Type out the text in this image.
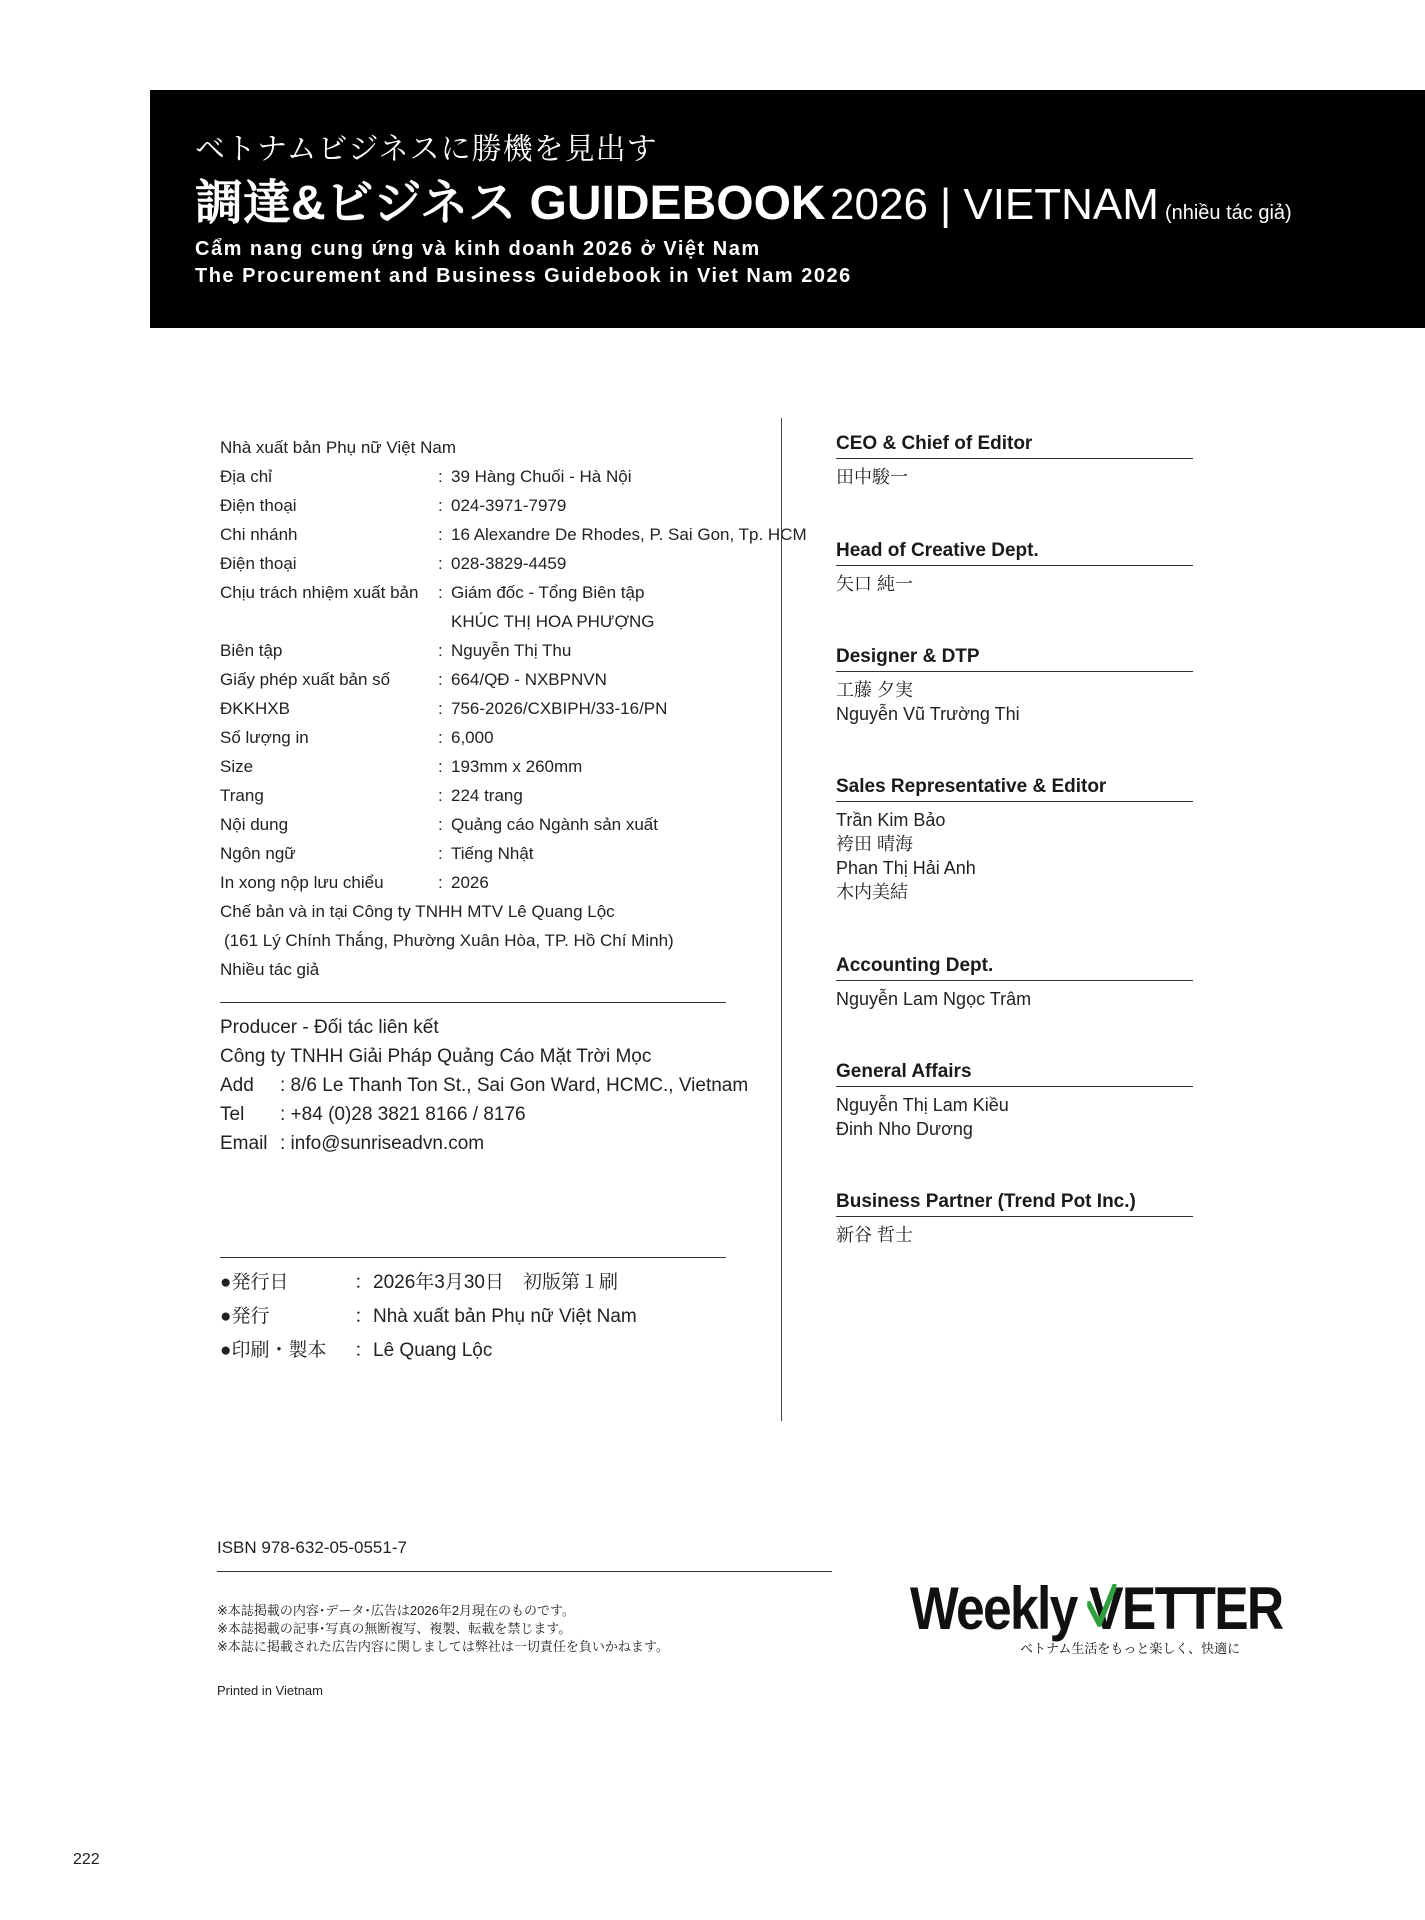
ベトナムビジネスに勝機を見出す
調達&ビジネス GUIDEBOOK 2026 | VIETNAM (nhiều tác giả)
Cẩm nang cung ứng và kinh doanh 2026 ở Việt Nam
The Procurement and Business Guidebook in Viet Nam 2026
Nhà xuất bản Phụ nữ Việt Nam
Địa chỉ	: 39 Hàng Chuối - Hà Nội
Điện thoại	: 024-3971-7979
Chi nhánh	: 16 Alexandre De Rhodes, P. Sai Gon, Tp. HCM
Điện thoại	: 028-3829-4459
Chịu trách nhiệm xuất bản : Giám đốc - Tổng Biên tập
KHÚC THỊ HOA PHƯỢNG
Biên tập	: Nguyễn Thị Thu
Giấy phép xuất bản số	: 664/QĐ - NXBPNVN
ĐKKHXB	: 756-2026/CXBIPH/33-16/PN
Số lượng in	: 6,000
Size	: 193mm x 260mm
Trang	: 224 trang
Nội dung	: Quảng cáo Ngành sản xuất
Ngôn ngữ	: Tiếng Nhật
In xong nộp lưu chiểu	: 2026
Chế bản và in tại Công ty TNHH MTV Lê Quang Lộc
(161 Lý Chính Thắng, Phường Xuân Hòa, TP. Hồ Chí Minh)
Nhiều tác giả
Producer - Đối tác liên kết
Công ty TNHH Giải Pháp Quảng Cáo Mặt Trời Mọc
Add : 8/6 Le Thanh Ton St., Sai Gon Ward, HCMC., Vietnam
Tel : +84 (0)28 3821 8166 / 8176
Email : info@sunriseadvn.com
●発行日	：2026年3月30日　初版第１刷
●発行	：Nhà xuất bản Phụ nữ Việt Nam
●印刷・製本 ：Lê Quang Lộc
CEO & Chief of Editor
田中駿一
Head of Creative Dept.
矢口 純一
Designer & DTP
工藤 夕実
Nguyễn Vũ Trường Thi
Sales Representative & Editor
Trần Kim Bảo
袴田 晴海
Phan Thị Hải Anh
木内美結
Accounting Dept.
Nguyễn Lam Ngọc Trâm
General Affairs
Nguyễn Thị Lam Kiều
Đinh Nho Dương
Business Partner (Trend Pot Inc.)
新谷 哲士
ISBN 978-632-05-0551-7
※本誌掲載の内容･データ･広告は2026年2月現在のものです。
※本誌掲載の記事･写真の無断複写、複製、転載を禁じます。
※本誌に掲載された広告内容に関しましては弊社は一切責任を負いかねます。
Printed in Vietnam
Weekly V
ETTER
ベトナム生活をもっと楽しく、快適に
222
